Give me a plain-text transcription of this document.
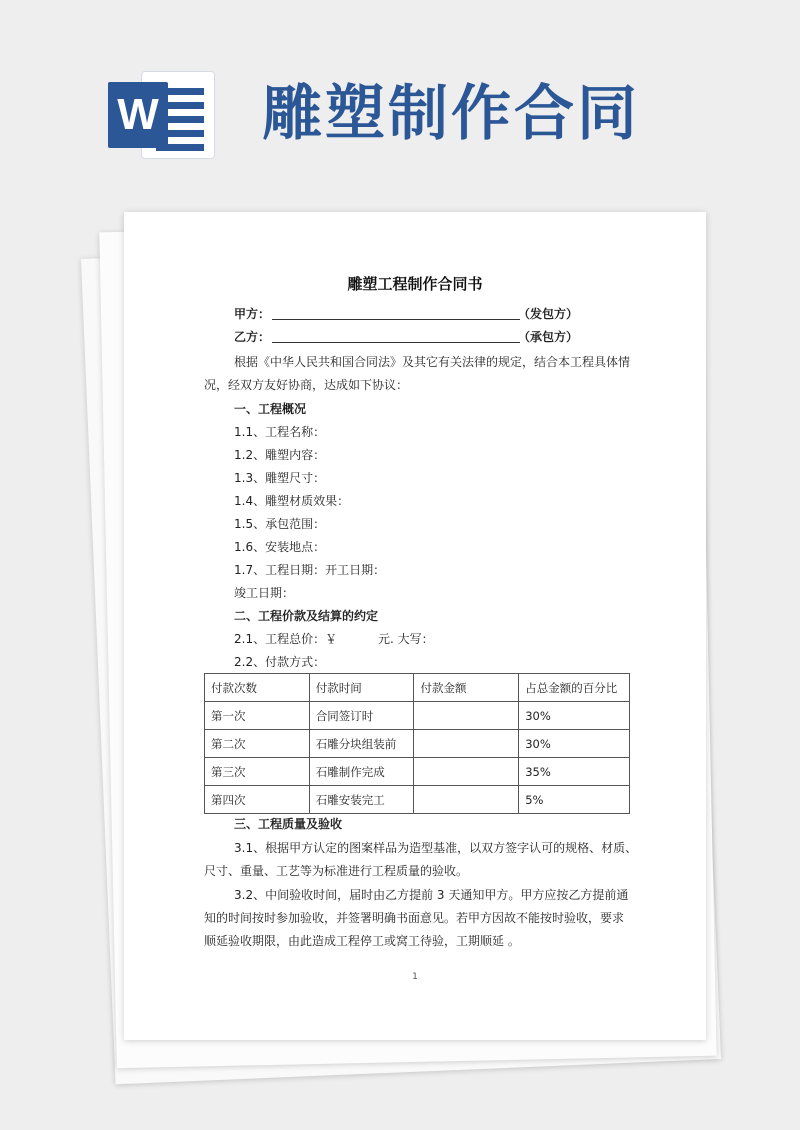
W 雕塑制作合同
雕塑工程制作合同书
甲方：	（发包方）
乙方：	（承包方）
根据《中华人民共和国合同法》及其它有关法律的规定，结合本工程具体情
况，经双方友好协商，达成如下协议：
一、工程概况
1.1、工程名称：
1.2、雕塑内容：
1.3、雕塑尺寸：
1.4、雕塑材质效果：
1.5、承包范围：
1.6、安装地点：
1.7、工程日期：开工日期：
竣工日期：
二、工程价款及结算的约定
2.1、工程总价：￥	元. 大写：
2.2、付款方式：
付款次数	付款时间	付款金额	占总金额的百分比
第一次	合同签订时		30%
第二次	石雕分块组装前		30%
第三次	石雕制作完成		35%
第四次	石雕安装完工		5%
三、工程质量及验收
3.1、根据甲方认定的图案样品为造型基准，以双方签字认可的规格、材质、
尺寸、重量、工艺等为标准进行工程质量的验收。
3.2、中间验收时间，届时由乙方提前 3 天通知甲方。甲方应按乙方提前通
知的时间按时参加验收，并签署明确书面意见。若甲方因故不能按时验收，要求
顺延验收期限，由此造成工程停工或窝工待验，工期顺延 。
1
